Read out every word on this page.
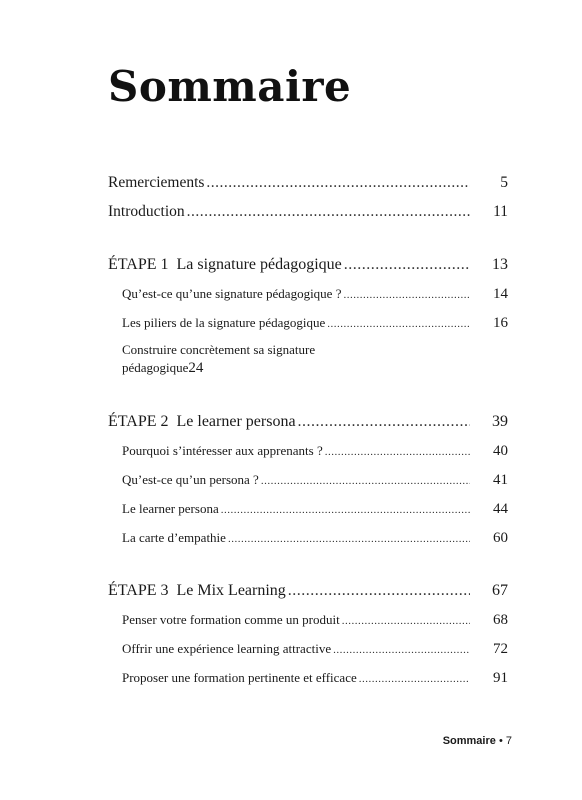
Sommaire
Remerciements .....	5
Introduction .....	11
ÉTAPE 1 La signature pédagogique .....	13
Qu’est-ce qu’une signature pédagogique ? .....	14
Les piliers de la signature pédagogique .....	16
Construire concrètement sa signature
pédagogique 24
ÉTAPE 2 Le learner persona .....	39
Pourquoi s’intéresser aux apprenants ? .....	40
Qu’est-ce qu’un persona ? .....	41
Le learner persona .....	44
La carte d’empathie .....	60
ÉTAPE 3 Le Mix Learning .....	67
Penser votre formation comme un produit .....	68
Offrir une expérience learning attractive .....	72
Proposer une formation pertinente et efficace .....	91
Sommaire • 7
